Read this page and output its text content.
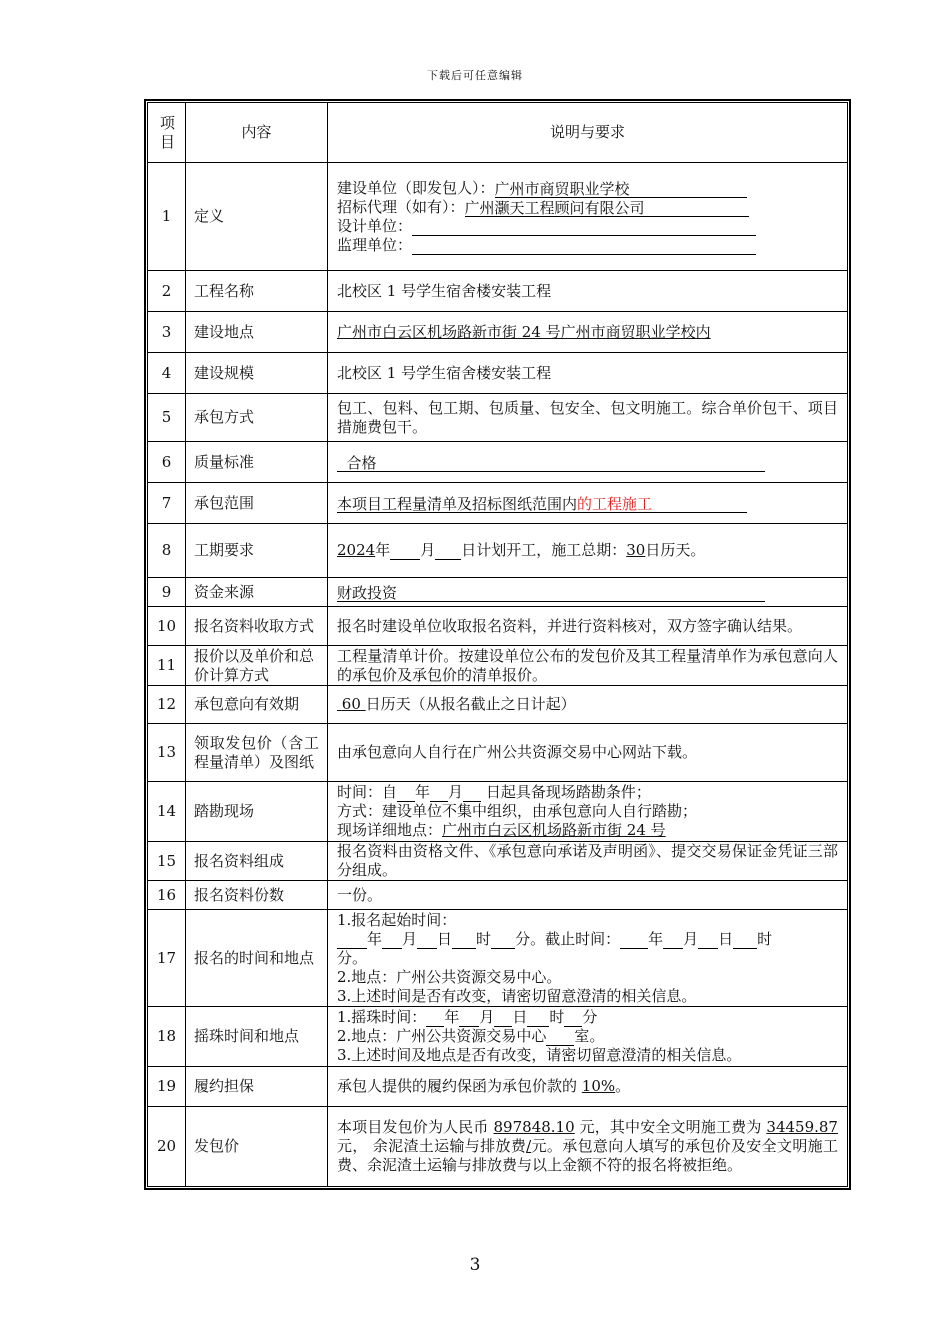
下载后可任意编辑
项目	内容	说明与要求
1	定义	建设单位（即发包人）：广州市商贸职业学校
招标代理（如有）：广州灏天工程顾问有限公司
设计单位：
监理单位：

2	工程名称	北校区 1 号学生宿舍楼安装工程
3	建设地点	广州市白云区机场路新市街 24 号广州市商贸职业学校内
4	建设规模	北校区 1 号学生宿舍楼安装工程
5	承包方式	包工、包料、包工期、包质量、包安全、包文明施工。综合单价包干、项目措施费包干。
6	质量标准	合格
7	承包范围	本项目工程量清单及招标图纸范围内的工程施工
8	工期要求	2024年 月 日计划开工，施工总期：30日历天。
9	资金来源	财政投资
10	报名资料收取方式	报名时建设单位收取报名资料，并进行资料核对，双方签字确认结果。
11	报价以及单价和总价计算方式	工程量清单计价。按建设单位公布的发包价及其工程量清单作为承包意向人的承包价及承包价的清单报价。
12	承包意向有效期	60 日历天（从报名截止之日计起）
13	领取发包价（含工程量清单）及图纸	由承包意向人自行在广州公共资源交易中心网站下载。
14	踏勘现场	时间：自 年 月 日起具备现场踏勘条件；
方式：建设单位不集中组织，由承包意向人自行踏勘；
现场详细地点：广州市白云区机场路新市街 24 号

15	报名资料组成	报名资料由资格文件、《承包意向承诺及声明函》、提交交易保证金凭证三部分组成。
16	报名资料份数	一份。
17	报名的时间和地点	1.报名起始时间：
年 月 日 时 分。截止时间： 年 月 日 时
分。
2.地点：广州公共资源交易中心。
3.上述时间是否有改变，请密切留意澄清的相关信息。

18	摇珠时间和地点	1.摇珠时间： 年 月 日 时 分
2.地点：广州公共资源交易中心 室。
3.上述时间及地点是否有改变，请密切留意澄清的相关信息。

19	履约担保	承包人提供的履约保函为承包价款的 10%。
20	发包价	本项目发包价为人民币 897848.10 元，其中安全文明施工费为 34459.87 元， 余泥渣土运输与排放费/元。承包意向人填写的承包价及安全文明施工费、余泥渣土运输与排放费与以上金额不符的报名将被拒绝。
3
